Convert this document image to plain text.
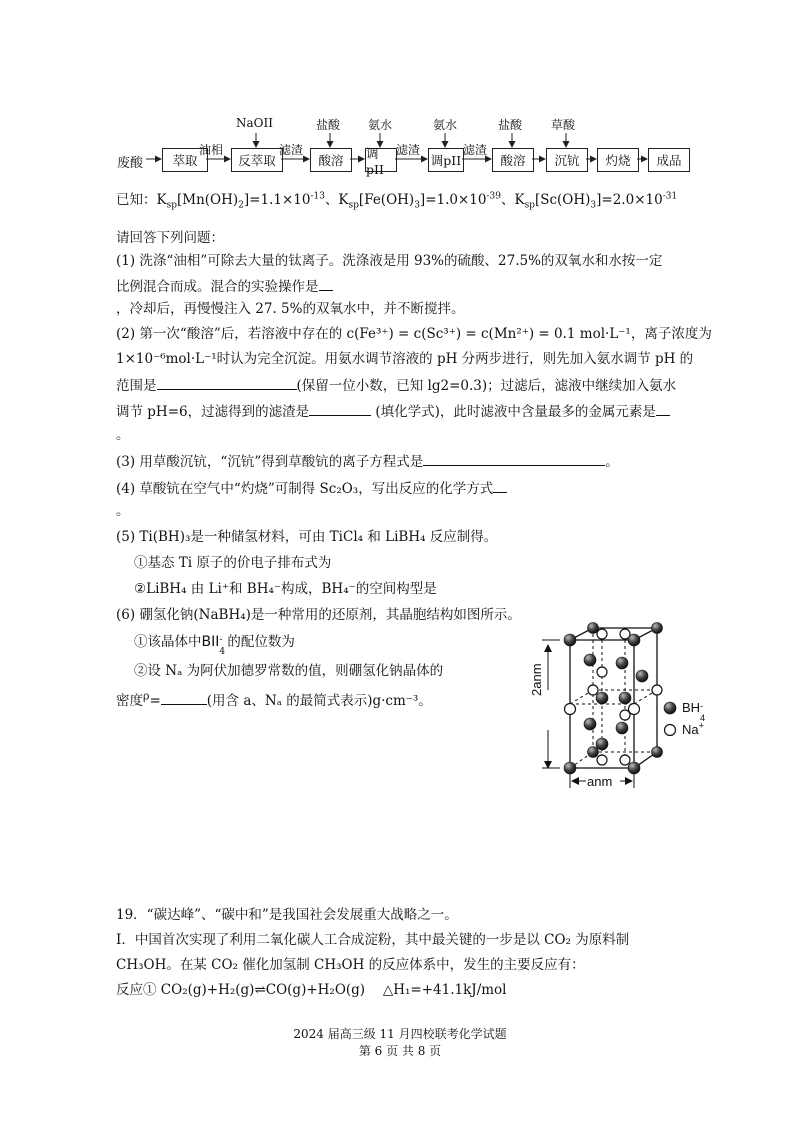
废酸	萃取	反萃取	酸溶	调pII
调pII	酸溶	沉钪	灼烧	成品
油相	滤渣	滤渣	滤渣
NaOII	盐酸 氨水	氨水	盐酸 草酸
已知：$K_{sp}[Mn(OH)_2]=1.1\times 10^{-13}$、$K_{sp}[Fe(OH)_3]=1.0\times 10^{-39}$、$K_{sp}[Sc(OH)_3]=2.0\times 10^{-31}$
请回答下列问题：
(1) 洗涤“油相”可除去大量的钛离子。洗涤液是用 93%的硫酸、27.5%的双氧水和水按一定
比例混合而成。混合的实验操作是
，冷却后，再慢慢注入 27. 5%的双氧水中，并不断搅拌。
(2) 第一次“酸溶”后，若溶液中存在的 c(Fe³⁺) = c(Sc³⁺) = c(Mn²⁺) = 0.1 mol·L⁻¹，离子浓度为
1×10⁻⁶mol·L⁻¹时认为完全沉淀。用氨水调节溶液的 pH 分两步进行，则先加入氨水调节 pH 的
范围是	(保留一位小数，已知 lg2=0.3)；过滤后，滤液中继续加入氨水
调节 pH=6，过滤得到的滤渣是	(填化学式)，此时滤液中含量最多的金属元素是
。
(3) 用草酸沉钪，“沉钪”得到草酸钪的离子方程式是	。
(4) 草酸钪在空气中“灼烧”可制得 Sc₂O₃，写出反应的化学方式
。
(5) Ti(BH)₃是一种储氢材料，可由 TiCl₄ 和 LiBH₄ 反应制得。
①基态 Ti 原子的价电子排布式为
②LiBH₄ 由 Li⁺和 BH₄⁻构成，BH₄⁻的空间构型是
(6) 硼氢化钠(NaBH₄)是一种常用的还原剂，其晶胞结构如图所示。
①该晶体中BII -
4
的配位数为
②设 Nₐ 为阿伏加德罗常数的值，则硼氢化钠晶体的
密度$^\rho$=	(用含 a、Nₐ 的最简式表示)g·cm⁻³。
2anm
anm
BH -
4
Na+
19．“碳达峰”、“碳中和”是我国社会发展重大战略之一。
I．中国首次实现了利用二氧化碳人工合成淀粉，其中最关键的一步是以 CO₂ 为原料制
CH₃OH。在某 CO₂ 催化加氢制 CH₃OH 的反应体系中，发生的主要反应有：
反应① CO₂(g)+H₂(g)⇌CO(g)+H₂O(g)　 △H₁=+41.1kJ/mol
2024 届高三级 11 月四校联考化学试题
第 6 页 共 8 页
